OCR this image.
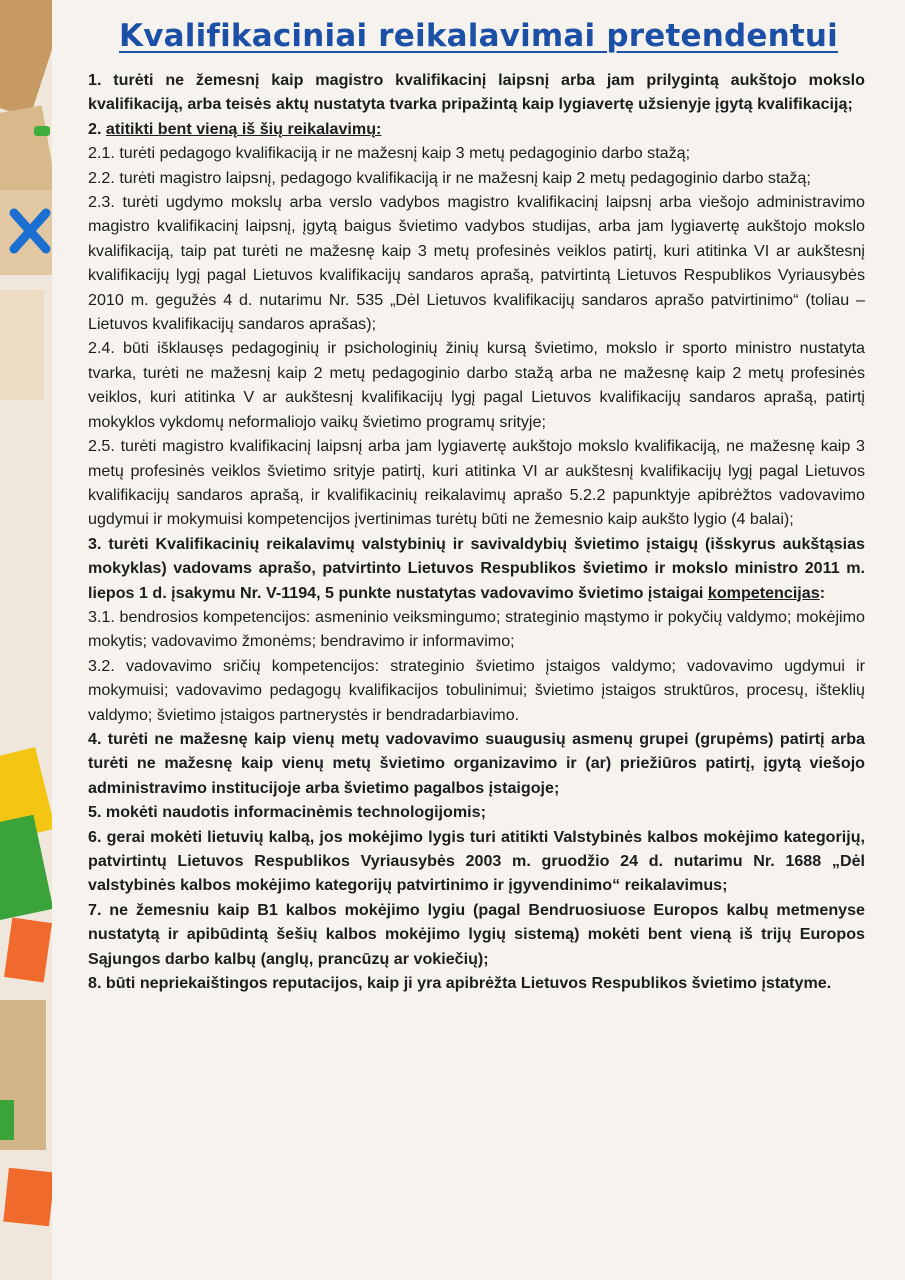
Kvalifikaciniai reikalavimai pretendentui

1. turėti ne žemesnį kaip magistro kvalifikacinį laipsnį arba jam prilygintą aukštojo mokslo kvalifikaciją, arba teisės aktų nustatyta tvarka pripažintą kaip lygiavertę užsienyje įgytą kvalifikaciją;

2. atitikti bent vieną iš šių reikalavimų:

2.1. turėti pedagogo kvalifikaciją ir ne mažesnį kaip 3 metų pedagoginio darbo stažą;

2.2. turėti magistro laipsnį, pedagogo kvalifikaciją ir ne mažesnį kaip 2 metų pedagoginio darbo stažą;

2.3. turėti ugdymo mokslų arba verslo vadybos magistro kvalifikacinį laipsnį arba viešojo administravimo magistro kvalifikacinį laipsnį, įgytą baigus švietimo vadybos studijas, arba jam lygiavertę aukštojo mokslo kvalifikaciją, taip pat turėti ne mažesnę kaip 3 metų profesinės veiklos patirtį, kuri atitinka VI ar aukštesnį kvalifikacijų lygį pagal Lietuvos kvalifikacijų sandaros aprašą, patvirtintą Lietuvos Respublikos Vyriausybės 2010 m. gegužės 4 d. nutarimu Nr. 535 „Dėl Lietuvos kvalifikacijų sandaros aprašo patvirtinimo“ (toliau – Lietuvos kvalifikacijų sandaros aprašas);

2.4. būti išklausęs pedagoginių ir psichologinių žinių kursą švietimo, mokslo ir sporto ministro nustatyta tvarka, turėti ne mažesnį kaip 2 metų pedagoginio darbo stažą arba ne mažesnę kaip 2 metų profesinės veiklos, kuri atitinka V ar aukštesnį kvalifikacijų lygį pagal Lietuvos kvalifikacijų sandaros aprašą, patirtį mokyklos vykdomų neformaliojo vaikų švietimo programų srityje;

2.5. turėti magistro kvalifikacinį laipsnį arba jam lygiavertę aukštojo mokslo kvalifikaciją, ne mažesnę kaip 3 metų profesinės veiklos švietimo srityje patirtį, kuri atitinka VI ar aukštesnį kvalifikacijų lygį pagal Lietuvos kvalifikacijų sandaros aprašą, ir kvalifikacinių reikalavimų aprašo 5.2.2 papunktyje apibrėžtos vadovavimo ugdymui ir mokymuisi kompetencijos įvertinimas turėtų būti ne žemesnio kaip aukšto lygio (4 balai);

3. turėti Kvalifikacinių reikalavimų valstybinių ir savivaldybių švietimo įstaigų (išskyrus aukštąsias mokyklas) vadovams aprašo, patvirtinto Lietuvos Respublikos švietimo ir mokslo ministro 2011 m. liepos 1 d. įsakymu Nr. V-1194, 5 punkte nustatytas vadovavimo švietimo įstaigai kompetencijas:

3.1. bendrosios kompetencijos: asmeninio veiksmingumo; strateginio mąstymo ir pokyčių valdymo; mokėjimo mokytis; vadovavimo žmonėms; bendravimo ir informavimo;

3.2. vadovavimo sričių kompetencijos: strateginio švietimo įstaigos valdymo; vadovavimo ugdymui ir mokymuisi; vadovavimo pedagogų kvalifikacijos tobulinimui; švietimo įstaigos struktūros, procesų, išteklių valdymo; švietimo įstaigos partnerystės ir bendradarbiavimo.

4. turėti ne mažesnę kaip vienų metų vadovavimo suaugusių asmenų grupei (grupėms) patirtį arba turėti ne mažesnę kaip vienų metų švietimo organizavimo ir (ar) priežiūros patirtį, įgytą viešojo administravimo institucijoje arba švietimo pagalbos įstaigoje;

5. mokėti naudotis informacinėmis technologijomis;

6. gerai mokėti lietuvių kalbą, jos mokėjimo lygis turi atitikti Valstybinės kalbos mokėjimo kategorijų, patvirtintų Lietuvos Respublikos Vyriausybės 2003 m. gruodžio 24 d. nutarimu Nr. 1688 „Dėl valstybinės kalbos mokėjimo kategorijų patvirtinimo ir įgyvendinimo“ reikalavimus;

7. ne žemesniu kaip B1 kalbos mokėjimo lygiu (pagal Bendruosiuose Europos kalbų metmenyse nustatytą ir apibūdintą šešių kalbos mokėjimo lygių sistemą) mokėti bent vieną iš trijų Europos Sąjungos darbo kalbų (anglų, prancūzų ar vokiečių);

8. būti nepriekaištingos reputacijos, kaip ji yra apibrėžta Lietuvos Respublikos švietimo įstatyme.
